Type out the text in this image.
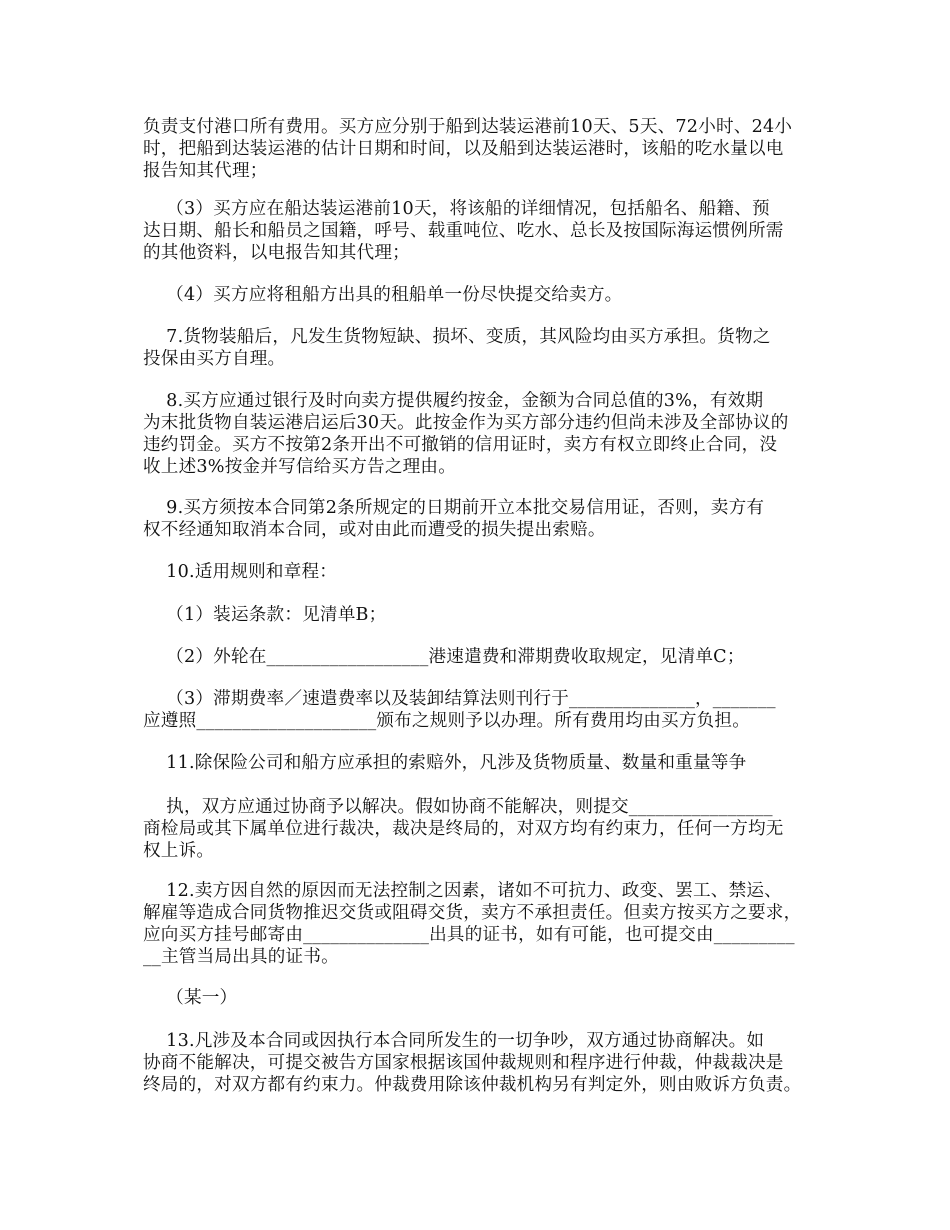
负责支付港口所有费用。买方应分别于船到达装运港前10天、5天、72小时、24小
时，把船到达装运港的估计日期和时间，以及船到达装运港时，该船的吃水量以电
报告知其代理；

（3）买方应在船达装运港前10天，将该船的详细情况，包括船名、船籍、预
达日期、船长和船员之国籍，呼号、载重吨位、吃水、总长及按国际海运惯例所需
的其他资料，以电报告知其代理；

（4）买方应将租船方出具的租船单一份尽快提交给卖方。

7.货物装船后，凡发生货物短缺、损坏、变质，其风险均由买方承担。货物之
投保由买方自理。

8.买方应通过银行及时向卖方提供履约按金，金额为合同总值的3%，有效期
为末批货物自装运港启运后30天。此按金作为买方部分违约但尚未涉及全部协议的
违约罚金。买方不按第2条开出不可撤销的信用证时，卖方有权立即终止合同，没
收上述3%按金并写信给买方告之理由。

9.买方须按本合同第2条所规定的日期前开立本批交易信用证，否则，卖方有
权不经通知取消本合同，或对由此而遭受的损失提出索赔。

10.适用规则和章程：

（1）装运条款：见清单B；

（2）外轮在__________________港速遣费和滞期费收取规定，见清单C；

（3）滞期费率／速遣费率以及装卸结算法则刊行于______________，_______
应遵照____________________颁布之规则予以办理。所有费用均由买方负担。

11.除保险公司和船方应承担的索赔外，凡涉及货物质量、数量和重量等争

执，双方应通过协商予以解决。假如协商不能解决，则提交________________
商检局或其下属单位进行裁决，裁决是终局的，对双方均有约束力，任何一方均无
权上诉。

12.卖方因自然的原因而无法控制之因素，诸如不可抗力、政变、罢工、禁运、
解雇等造成合同货物推迟交货或阻碍交货，卖方不承担责任。但卖方按买方之要求，
应向买方挂号邮寄由______________出具的证书，如有可能，也可提交由_________
__主管当局出具的证书。

（某一）

13.凡涉及本合同或因执行本合同所发生的一切争吵，双方通过协商解决。如
协商不能解决，可提交被告方国家根据该国仲裁规则和程序进行仲裁，仲裁裁决是
终局的，对双方都有约束力。仲裁费用除该仲裁机构另有判定外，则由败诉方负责。
